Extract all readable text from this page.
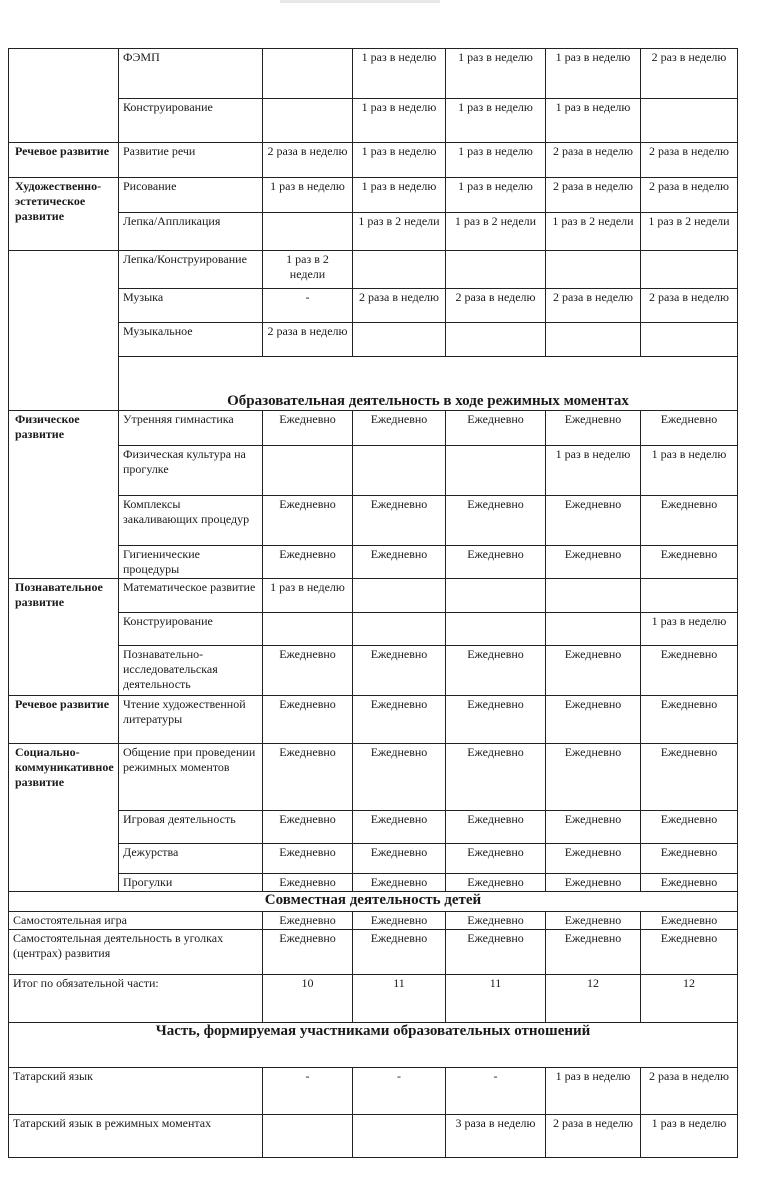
	ФЭМП		1 раз в неделю	1 раз в неделю	1 раз в неделю	2 раз в неделю
	Конструирование		1 раз в неделю	1 раз в неделю	1 раз в неделю	
Речевое развитие	Развитие речи	2 раза в неделю	1 раз в неделю	1 раз в неделю	2 раза в неделю	2 раза в неделю
Художественно-эстетическое развитие	Рисование	1 раз в неделю	1 раз в неделю	1 раз в неделю	2 раза в неделю	2 раза в неделю
	Лепка/Аппликация		1 раз в 2 недели	1 раз в 2 недели	1 раз в 2 недели	1 раз в 2 недели
	Лепка/Конструирование	1 раз в 2 недели				
	Музыка	-	2 раза в неделю	2 раза в неделю	2 раза в неделю	2 раза в неделю
	Музыкальное	2 раза в неделю				
	Образовательная деятельность в ходе режимных моментах					
Физическое развитие	Утренняя гимнастика	Ежедневно	Ежедневно	Ежедневно	Ежедневно	Ежедневно
	Физическая культура на прогулке				1 раз в неделю	1 раз в неделю
	Комплексы закаливающих процедур	Ежедневно	Ежедневно	Ежедневно	Ежедневно	Ежедневно
	Гигиенические процедуры	Ежедневно	Ежедневно	Ежедневно	Ежедневно	Ежедневно
Познавательное развитие	Математическое развитие	1 раз в неделю				
	Конструирование					1 раз в неделю
	Познавательно-исследовательская деятельность	Ежедневно	Ежедневно	Ежедневно	Ежедневно	Ежедневно
Речевое развитие	Чтение художественной литературы	Ежедневно	Ежедневно	Ежедневно	Ежедневно	Ежедневно
Социально-коммуникативное развитие	Общение при проведении режимных моментов	Ежедневно	Ежедневно	Ежедневно	Ежедневно	Ежедневно
	Игровая деятельность	Ежедневно	Ежедневно	Ежедневно	Ежедневно	Ежедневно
	Дежурства	Ежедневно	Ежедневно	Ежедневно	Ежедневно	Ежедневно
	Прогулки	Ежедневно	Ежедневно	Ежедневно	Ежедневно	Ежедневно
Совместная деятельность детей						
Самостоятельная игра		Ежедневно	Ежедневно	Ежедневно	Ежедневно	Ежедневно
Самостоятельная деятельность в уголках (центрах) развития		Ежедневно	Ежедневно	Ежедневно	Ежедневно	Ежедневно
Итог по обязательной части:		10	11	11	12	12
Часть, формируемая участниками образовательных отношений						
Татарский язык		-	-	-	1 раз в неделю	2 раза в неделю
Татарский язык в режимных моментах				3 раза в неделю	2 раза в неделю	1 раз в неделю
